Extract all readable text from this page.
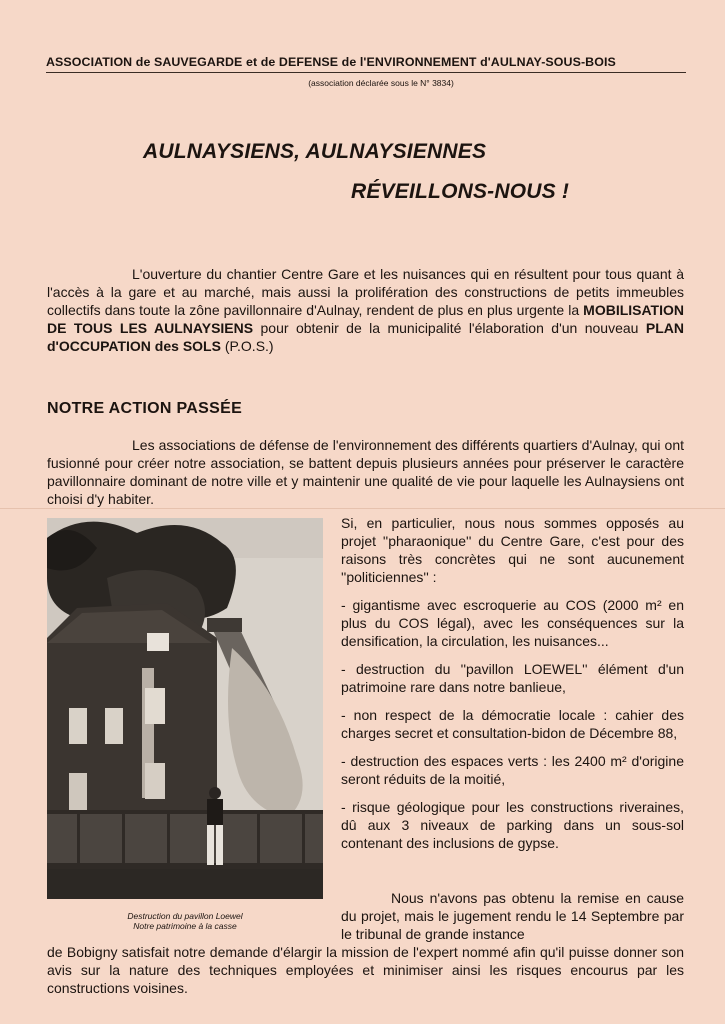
ASSOCIATION de SAUVEGARDE et de DEFENSE de l'ENVIRONNEMENT d'AULNAY-SOUS-BOIS
(association déclarée sous le N° 3834)
AULNAYSIENS, AULNAYSIENNES
RÉVEILLONS-NOUS !
L'ouverture du chantier Centre Gare et les nuisances qui en résultent pour tous quant à l'accès à la gare et au marché, mais aussi la prolifération des constructions de petits immeubles collectifs dans toute la zône pavillonnaire d'Aulnay, rendent de plus en plus urgente la MOBILISATION DE TOUS LES AULNAYSIENS pour obtenir de la municipalité l'élaboration d'un nouveau PLAN d'OCCUPATION des SOLS (P.O.S.)
NOTRE ACTION PASSÉE
Les associations de défense de l'environnement des différents quartiers d'Aulnay, qui ont fusionné pour créer notre association, se battent depuis plusieurs années pour préserver le caractère pavillonnaire dominant de notre ville et y maintenir une qualité de vie pour laquelle les Aulnaysiens ont choisi d'y habiter.
Destruction du pavillon Loewel
Notre patrimoine à la casse

Si, en particulier, nous nous sommes opposés au projet ''pharaonique'' du Centre Gare, c'est pour des raisons très concrètes qui ne sont aucunement ''politiciennes'' :

- gigantisme avec escroquerie au COS (2000 m² en plus du COS légal), avec les conséquences sur la densification, la circulation, les nuisances...

- destruction du ''pavillon LOEWEL'' élément d'un patrimoine rare dans notre banlieue,

- non respect de la démocratie locale : cahier des charges secret et consultation-bidon de Décembre 88,

- destruction des espaces verts : les 2400 m² d'origine seront réduits de la moitié,

- risque géologique pour les constructions riveraines, dû aux 3 niveaux de parking dans un sous-sol contenant des inclusions de gypse.

Nous n'avons pas obtenu la remise en cause du projet, mais le jugement rendu le 14 Septembre par le tribunal de grande instance
de Bobigny satisfait notre demande d'élargir la mission de l'expert nommé afin qu'il puisse donner son avis sur la nature des techniques employées et minimiser ainsi les risques encourus par les constructions voisines.
